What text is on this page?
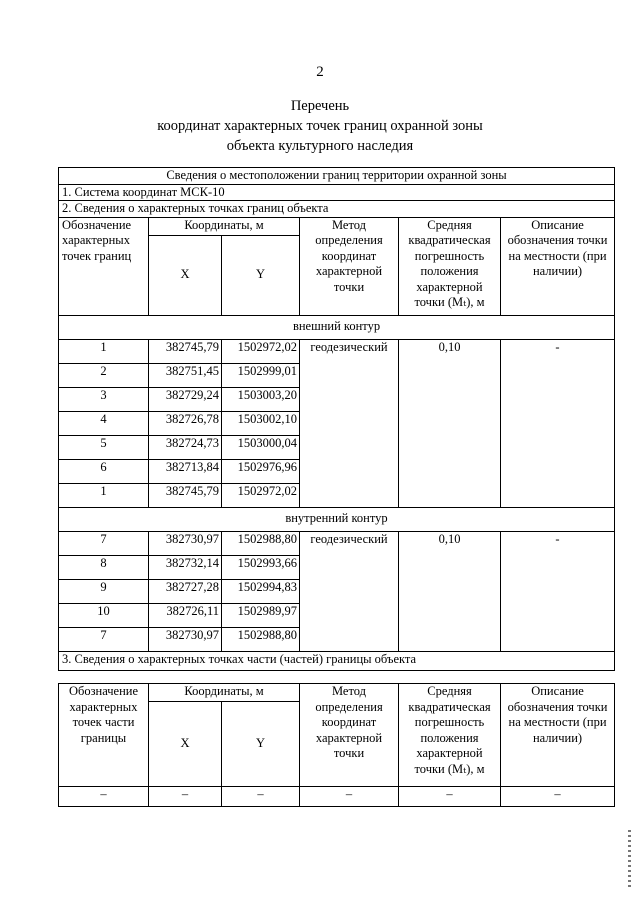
2
Перечень
координат характерных точек границ охранной зоны
объекта культурного наследия
Сведения о местоположении границ территории охранной зоны					
1. Система координат МСК-10					
2. Сведения о характерных точках границ объекта					
Обозначение характерных точек границ	Координаты, м		Метод определения координат характерной точки	Средняя квадратическая погрешность положения характерной точки (Mₜ), м	Описание обозначения точки на местности (при наличии)
	X	Y			
внешний контур					
1	382745,79	1502972,02	геодезический	0,10	-
2	382751,45	1502999,01			
3	382729,24	1503003,20			
4	382726,78	1503002,10			
5	382724,73	1503000,04			
6	382713,84	1502976,96			
1	382745,79	1502972,02			
внутренний контур					
7	382730,97	1502988,80	геодезический	0,10	-
8	382732,14	1502993,66			
9	382727,28	1502994,83			
10	382726,11	1502989,97			
7	382730,97	1502988,80			
3. Сведения о характерных точках части (частей) границы объекта					
Обозначение характерных точек части границы	Координаты, м		Метод определения координат характерной точки	Средняя квадратическая погрешность положения характерной точки (Mₜ), м	Описание обозначения точки на местности (при наличии)
	X	Y			
–	–	–	–	–	–
